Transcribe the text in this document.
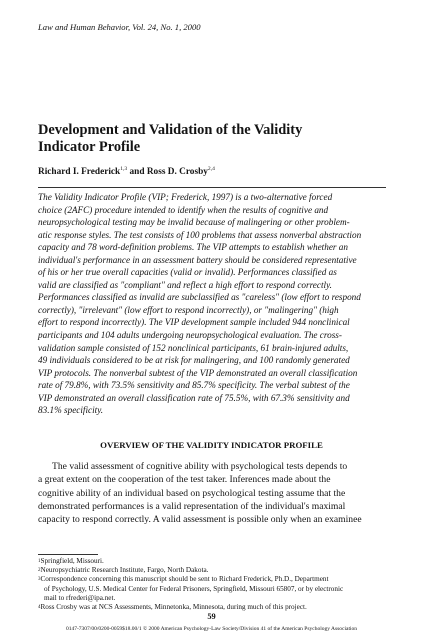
Law and Human Behavior, Vol. 24, No. 1, 2000
Development and Validation of the Validity
Indicator Profile
Richard I. Frederick$^{1,3}$ and Ross D. Crosby$^{2,4}$
The Validity Indicator Profile (VIP; Frederick, 1997) is a two-alternative forced
choice (2AFC) procedure intended to identify when the results of cognitive and
neuropsychological testing may be invalid because of malingering or other problem-
atic response styles. The test consists of 100 problems that assess nonverbal abstraction
capacity and 78 word-definition problems. The VIP attempts to establish whether an
individual's performance in an assessment battery should be considered representative
of his or her true overall capacities (valid or invalid). Performances classified as
valid are classified as "compliant" and reflect a high effort to respond correctly.
Performances classified as invalid are subclassified as "careless" (low effort to respond
correctly), "irrelevant" (low effort to respond incorrectly), or "malingering" (high
effort to respond incorrectly). The VIP development sample included 944 nonclinical
participants and 104 adults undergoing neuropsychological evaluation. The cross-
validation sample consisted of 152 nonclinical participants, 61 brain-injured adults,
49 individuals considered to be at risk for malingering, and 100 randomly generated
VIP protocols. The nonverbal subtest of the VIP demonstrated an overall classification
rate of 79.8%, with 73.5% sensitivity and 85.7% specificity. The verbal subtest of the
VIP demonstrated an overall classification rate of 75.5%, with 67.3% sensitivity and
83.1% specificity.
OVERVIEW OF THE VALIDITY INDICATOR PROFILE
The valid assessment of cognitive ability with psychological tests depends to
a great extent on the cooperation of the test taker. Inferences made about the
cognitive ability of an individual based on psychological testing assume that the
demonstrated performances is a valid representation of the individual's maximal
capacity to respond correctly. A valid assessment is possible only when an examinee
$^1$Springfield, Missouri.
$^2$Neuropsychiatric Research Institute, Fargo, North Dakota.
$^3$Correspondence concerning this manuscript should be sent to Richard Frederick, Ph.D., Department
of Psychology, U.S. Medical Center for Federal Prisoners, Springfield, Missouri 65807, or by electronic
mail to rfrederi@ipa.net.
$^4$Ross Crosby was at NCS Assessments, Minnetonka, Minnesota, during much of this project.
59
0147-7307/00/0200-0059$18.00/1 © 2000 American Psychology-Law Society/Division 41 of the American Psychology Association
